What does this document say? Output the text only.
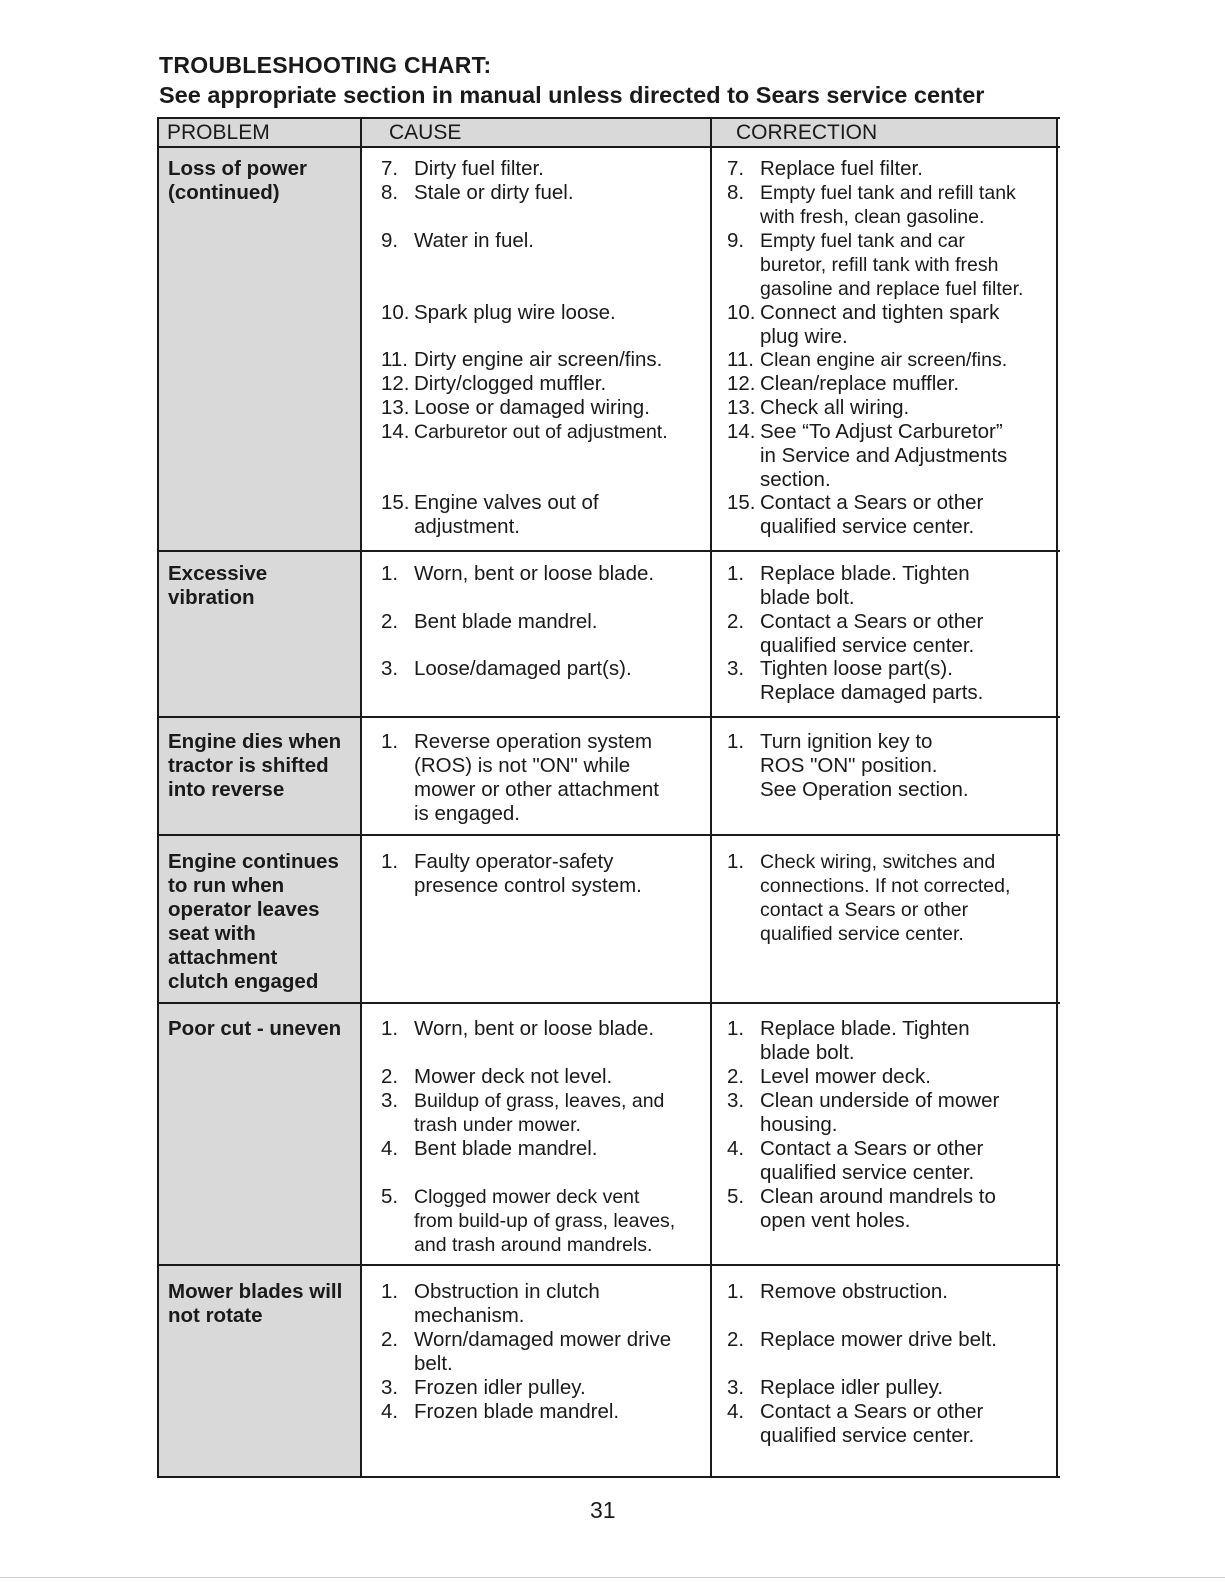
TROUBLESHOOTING CHART:
See appropriate section in manual unless directed to Sears service center
PROBLEM	CAUSE	CORRECTION
Loss of power
(continued)
Excessive
vibration
Engine dies when
tractor is shifted
into reverse
Engine continues
to run when
operator leaves
seat with
attachment
clutch engaged
Poor cut - uneven
Mower blades will
not rotate
7. Dirty fuel filter.
8. Stale or dirty fuel.
9. Water in fuel.
10. Spark plug wire loose.
11. Dirty engine air screen/fins.
12. Dirty/clogged muffler.
13. Loose or damaged wiring.
14. Carburetor out of adjustment.
15. Engine valves out of
adjustment.
7. Replace fuel filter.
8. Empty fuel tank and refill tank
with fresh, clean gasoline.
9. Empty fuel tank and car
buretor, refill tank with fresh
gasoline and replace fuel filter.
10. Connect and tighten spark
plug wire.
11. Clean engine air screen/fins.
12. Clean/replace muffler.
13. Check all wiring.
14. See “To Adjust Carburetor”
in Service and Adjustments
section.
15. Contact a Sears or other
qualified service center.
1. Worn, bent or loose blade.
2. Bent blade mandrel.
3. Loose/damaged part(s).
1. Replace blade. Tighten
blade bolt.
2. Contact a Sears or other
qualified service center.
3. Tighten loose part(s).
Replace damaged parts.
1. Reverse operation system
(ROS) is not "ON" while
mower or other attachment
is engaged.
1. Turn ignition key to
ROS "ON" position.
See Operation section.
1. Faulty operator-safety
presence control system.
1. Check wiring, switches and
connections. If not corrected,
contact a Sears or other
qualified service center.
1. Worn, bent or loose blade.
2. Mower deck not level.
3. Buildup of grass, leaves, and
trash under mower.
4. Bent blade mandrel.
5. Clogged mower deck vent
from build-up of grass, leaves,
and trash around mandrels.
1. Replace blade. Tighten
blade bolt.
2. Level mower deck.
3. Clean underside of mower
housing.
4. Contact a Sears or other
qualified service center.
5. Clean around mandrels to
open vent holes.
1. Obstruction in clutch
mechanism.
2. Worn/damaged mower drive
belt.
3. Frozen idler pulley.
4. Frozen blade mandrel.
1. Remove obstruction.
2. Replace mower drive belt.
3. Replace idler pulley.
4. Contact a Sears or other
qualified service center.
31
